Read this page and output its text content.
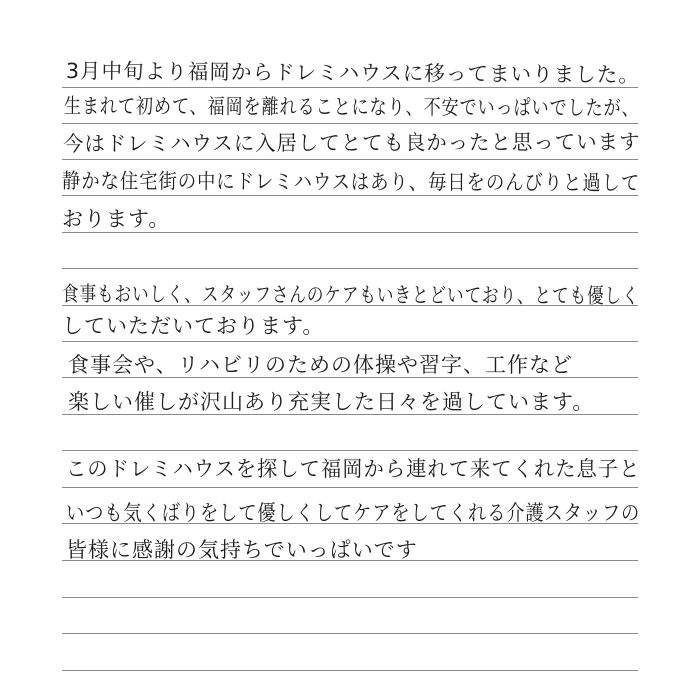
3月中旬より福岡からドレミハウスに移ってまいりました。
生まれて初めて、福岡を離れることになり、不安でいっぱいでしたが、
今はドレミハウスに入居してとても良かったと思っています
静かな住宅街の中にドレミハウスはあり、毎日をのんびりと過して
おります。
食事もおいしく、スタッフさんのケアもいきとどいており、とても優しく
していただいております。
食事会や、リハビリのための体操や習字、工作など
楽しい催しが沢山あり充実した日々を過しています。
このドレミハウスを探して福岡から連れて来てくれた息子と
いつも気くばりをして優しくしてケアをしてくれる介護スタッフの
皆様に感謝の気持ちでいっぱいです
